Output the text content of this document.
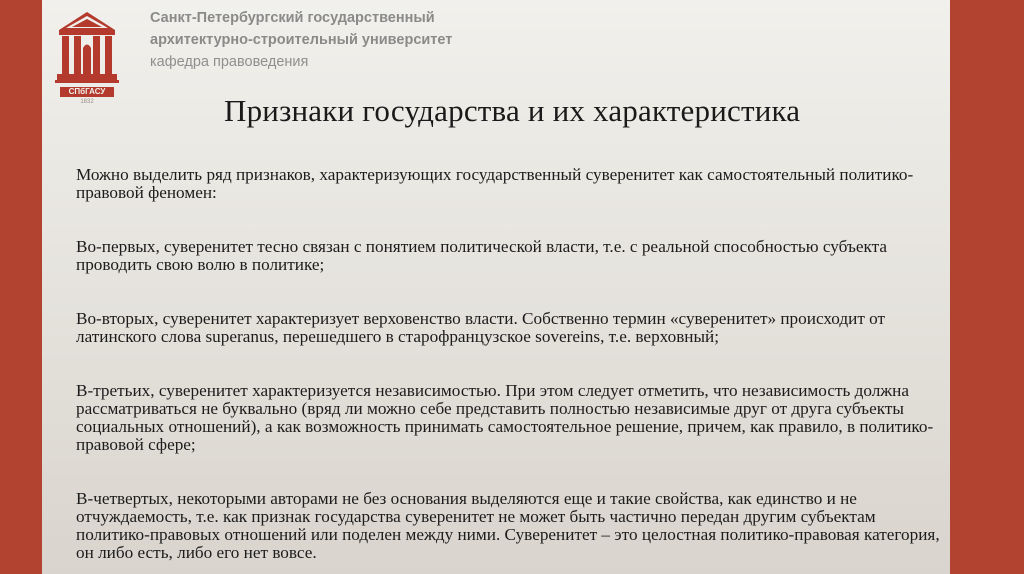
СПбГАСУ
1832
Санкт-Петербургский государственный
архитектурно-строительный университет
кафедра правоведения
Признаки государства и их характеристика

Можно выделить ряд признаков, характеризующих государственный суверенитет как самостоятельный политико-правовой феномен:

Во-первых, суверенитет тесно связан с понятием политической власти, т.е. с реальной способностью субъекта проводить свою волю в политике;

Во-вторых, суверенитет характеризует верховенство власти. Собственно термин «суверенитет» происходит от латинского слова superanus, перешедшего в старофранцузское sovereins, т.е. верховный;

В-третьих, суверенитет характеризуется независимостью. При этом следует отметить, что независимость должна рассматриваться не буквально (вряд ли можно себе представить полностью независимые друг от друга субъекты социальных отношений), а как возможность принимать самостоятельное решение, причем, как правило, в политико-правовой сфере;

В-четвертых, некоторыми авторами не без основания выделяются еще и такие свойства, как единство и не отчуждаемость, т.е. как признак государства суверенитет не может быть частично передан другим субъектам политико-правовых отношений или поделен между ними. Суверенитет – это целостная политико-правовая категория, он либо есть, либо его нет вовсе.
